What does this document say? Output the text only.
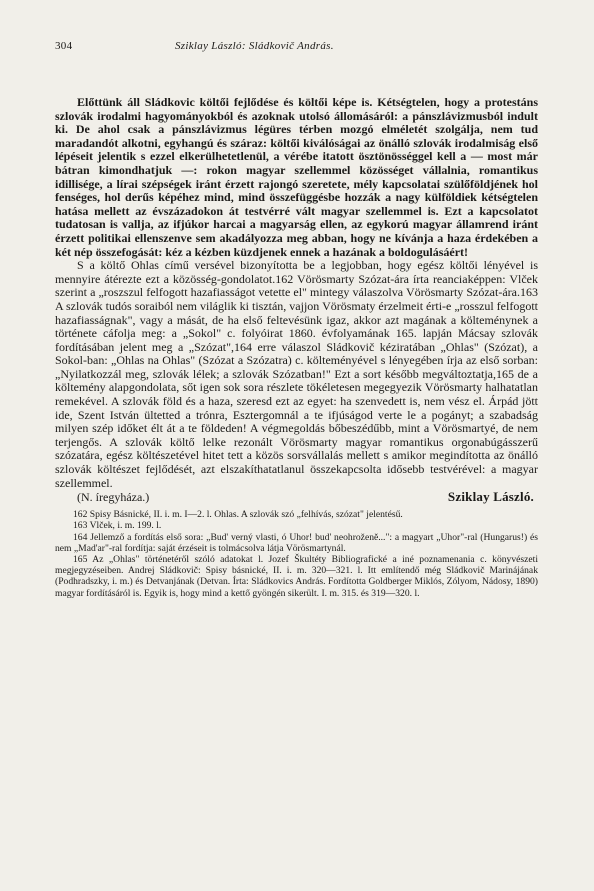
304	Sziklay László: Sládkovič András.

Előttünk áll Sládkovic költői fejlődése és költői képe is. Kétségtelen, hogy a protestáns szlovák irodalmi hagyományokból és azoknak utolsó állomásáról: a pánszlávizmusból indult ki. De ahol csak a pánszlávizmus légüres térben mozgó elméletét szolgálja, nem tud maradandót alkotni, egyhangú és száraz: költői kiválóságai az önálló szlovák irodalmiság első lépéseit jelentik s ezzel elkerülhetetlenül, a vérébe itatott ösztönösséggel kell a — most már bátran kimondhatjuk —: rokon magyar szellemmel közösséget vállalnia, romantikus idillisége, a lírai szépségek iránt érzett rajongó szeretete, mély kapcsolatai szülőföldjének hol fenséges, hol derűs képéhez mind, mind összefüggésbe hozzák a nagy külföldiek kétségtelen hatása mellett az évszázadokon át testvérré vált magyar szellemmel is. Ezt a kapcsolatot tudatosan is vallja, az ifjúkor harcai a magyarság ellen, az egykorú magyar államrend iránt érzett politikai ellenszenve sem akadályozza meg abban, hogy ne kívánja a haza érdekében a két nép összefogását: kéz a kézben küzdjenek ennek a hazának a boldogulásáért!

S a költő Ohlas című versével bizonyította be a legjobban, hogy egész költői lényével is mennyire átérezte ezt a közösség-gondolatot.162 Vörösmarty Szózat-ára írta reanciaképpen: Vlček szerint a „roszszul felfogott hazafiasságot vetette el" mintegy válaszolva Vörösmarty Szózat-ára.163 A szlovák tudós soraiból nem világlik ki tisztán, vajjon Vörösmaty érzelmeit érti-e „rosszul felfogott hazafiasságnak", vagy a mását, de ha első feltevésünk igaz, akkor azt magának a költeménynek a története cáfolja meg: a „Sokol" c. folyóirat 1860. évfolyamának 165. lapján Mácsay szlovák fordításában jelent meg a „Szózat",164 erre válaszol Sládkovič kéziratában „Ohlas" (Szózat), a Sokol-ban: „Ohlas na Ohlas" (Szózat a Szózatra) c. költeményével s lényegében írja az első sorban: „Nyilatkozzál meg, szlovák lélek; a szlovák Szózatban!" Ezt a sort később megváltoztatja,165 de a költemény alapgondolata, sőt igen sok sora részlete tökéletesen megegyezik Vörösmarty halhatatlan remekével. A szlovák föld és a haza, szeresd ezt az egyet: ha szenvedett is, nem vész el. Árpád jött ide, Szent István ültetted a trónra, Esztergomnál a te ifjúságod verte le a pogányt; a szabadság milyen szép időket élt át a te földeden! A végmegoldás bőbeszédűbb, mint a Vörösmartyé, de nem terjengős. A szlovák költő lelke rezonált Vörösmarty magyar romantikus orgonabúgásszerű szózatára, egész költészetével hitet tett a közös sorsvállalás mellett s amikor megindította az önálló szlovák költészet fejlődését, azt elszakíthatatlanul összekapcsolta idősebb testvérével: a magyar szellemmel.

(N. íregyháza.)	Sziklay László.

162 Spisy Básnické, II. i. m. I—2. l. Ohlas. A szlovák szó „felhívás, szózat" jelentésű.

163 Vlček, i. m. 199. l.

164 Jellemző a fordítás első sora: „Bud' verný vlasti, ó Uhor! bud' neohroženě...": a magyart „Uhor"-ral (Hungarus!) és nem „Mad'ar"-ral fordítja: saját érzéseit is tolmácsolva látja Vörösmartynál.

165 Az „Ohlas" történetéről szóló adatokat l. Jozef Škultéty Bibliografické a iné poznamenania c. könyvészeti megjegyzéseiben. Andrej Sládkovič: Spisy básnické, II. i. m. 320—321. l. Itt említendő még Sládkovič Marinájának (Podhradszky, i. m.) és Detvanjának (Detvan. Írta: Sládkovics András. Fordította Goldberger Miklós, Zólyom, Nádosy, 1890) magyar fordításáról is. Egyik is, hogy mind a kettő gyöngén sikerült. I. m. 315. és 319—320. l.
